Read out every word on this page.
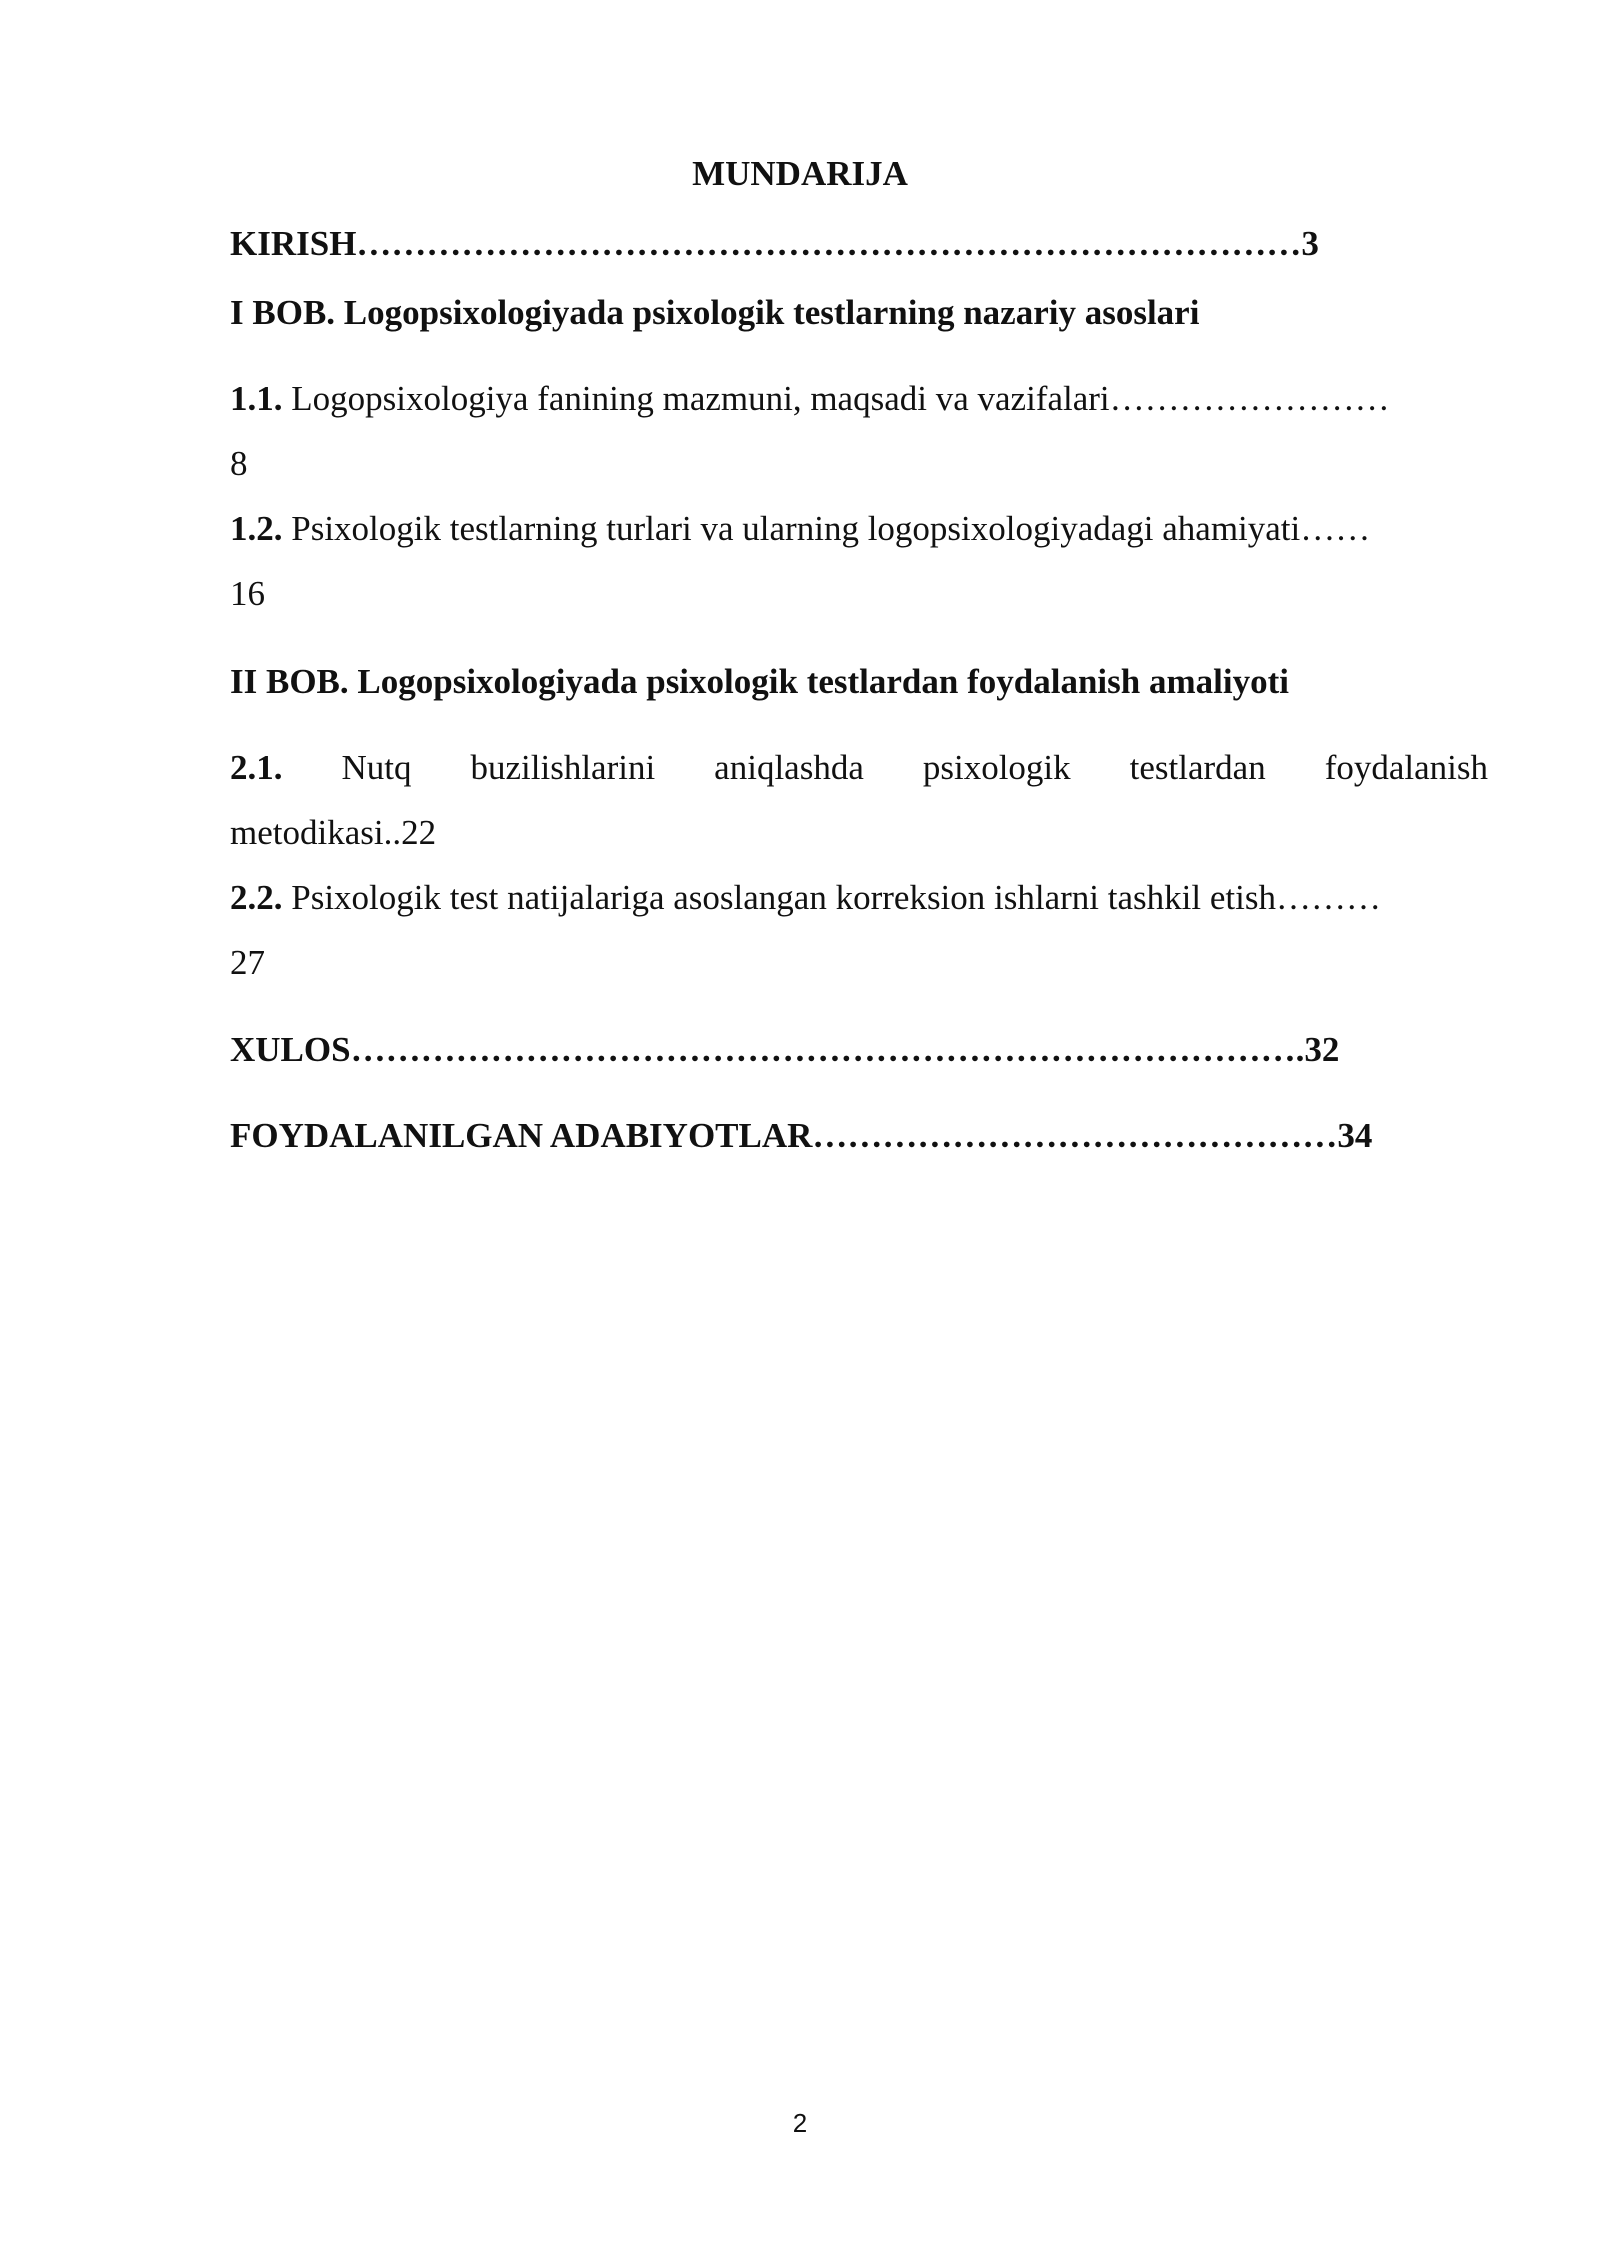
MUNDARIJA

KIRISH………………………………………………………………………3

I BOB. Logopsixologiyada psixologik testlarning nazariy asoslari

1.1. Logopsixologiya fanining mazmuni, maqsadi va vazifalari……………………

8

1.2. Psixologik testlarning turlari va ularning logopsixologiyadagi ahamiyati……

16

II BOB. Logopsixologiyada psixologik testlardan foydalanish amaliyoti

2.1. Nutq buzilishlarini aniqlashda psixologik testlardan foydalanish

metodikasi..22

2.2. Psixologik test natijalariga asoslangan korreksion ishlarni tashkil etish………

27

XULOS……………………………………………………………………….32

FOYDALANILGAN ADABIYOTLAR………………………………………34

2
